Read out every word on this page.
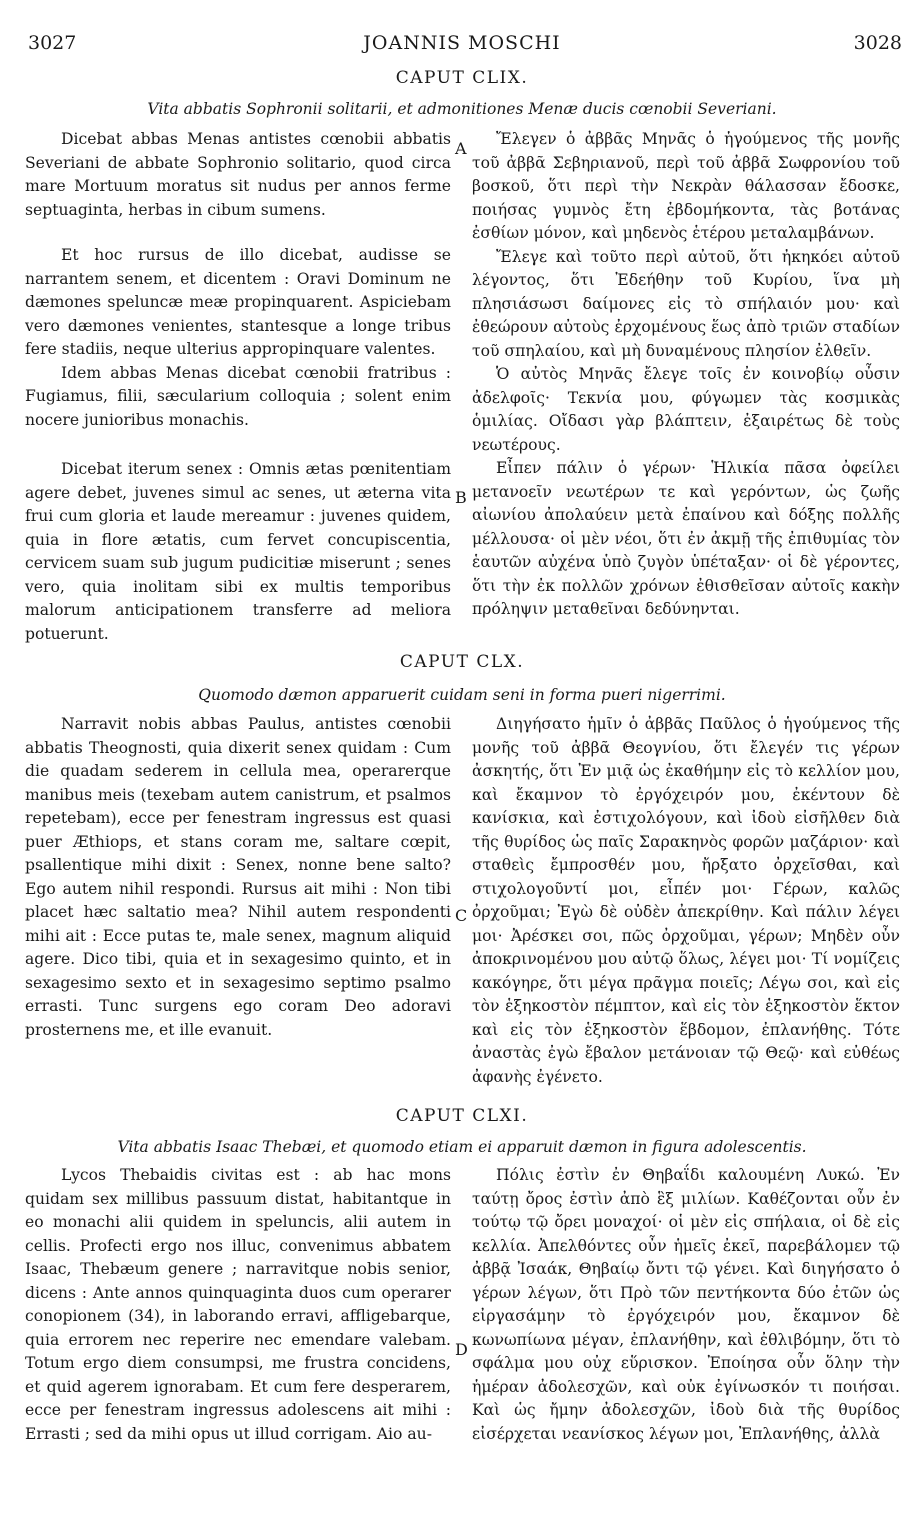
3027	JOANNIS MOSCHI	3028
CAPUT CLIX.
Vita abbatis Sophronii solitarii, et admonitiones Menæ ducis cœnobii Severiani.

Dicebat abbas Menas antistes cœnobii abbatis Severiani de abbate Sophronio solitario, quod circa mare Mortuum moratus sit nudus per annos ferme septuaginta, herbas in cibum sumens.

Et hoc rursus de illo dicebat, audisse se narrantem senem, et dicentem : Oravi Dominum ne dæmones speluncæ meæ propinquarent. Aspiciebam vero dæmones venientes, stantesque a longe tribus fere stadiis, neque ulterius appropinquare valentes.

Idem abbas Menas dicebat cœnobii fratribus : Fugiamus, filii, sæcularium colloquia ; solent enim nocere junioribus monachis.

Dicebat iterum senex : Omnis ætas pœnitentiam agere debet, juvenes simul ac senes, ut æterna vita frui cum gloria et laude mereamur : juvenes quidem, quia in flore ætatis, cum fervet concupiscentia, cervicem suam sub jugum pudicitiæ miserunt ; senes vero, quia inolitam sibi ex multis temporibus malorum anticipationem transferre ad meliora potuerunt.

Ἔλεγεν ὁ ἀββᾶς Μηνᾶς ὁ ἡγούμενος τῆς μονῆς τοῦ ἀββᾶ Σεβηριανοῦ, περὶ τοῦ ἀββᾶ Σωφρονίου τοῦ βοσκοῦ, ὅτι περὶ τὴν Νεκρὰν θάλασσαν ἔδοσκε, ποιήσας γυμνὸς ἔτη ἑβδομήκοντα, τὰς βοτάνας ἐσθίων μόνον, καὶ μηδενὸς ἑτέρου μεταλαμβάνων.

Ἔλεγε καὶ τοῦτο περὶ αὐτοῦ, ὅτι ἠκηκόει αὐτοῦ λέγοντος, ὅτι Ἐδεήθην τοῦ Κυρίου, ἵνα μὴ πλησιάσωσι δαίμονες εἰς τὸ σπήλαιόν μου· καὶ ἐθεώρουν αὐτοὺς ἐρχομένους ἕως ἀπὸ τριῶν σταδίων τοῦ σπηλαίου, καὶ μὴ δυναμένους πλησίον ἐλθεῖν.

Ὁ αὐτὸς Μηνᾶς ἔλεγε τοῖς ἐν κοινοβίῳ οὖσιν ἀδελφοῖς· Τεκνία μου, φύγωμεν τὰς κοσμικὰς ὁμιλίας. Οἴδασι γὰρ βλάπτειν, ἐξαιρέτως δὲ τοὺς νεωτέρους.

Εἶπεν πάλιν ὁ γέρων· Ἡλικία πᾶσα ὀφείλει μετανοεῖν νεωτέρων τε καὶ γερόντων, ὡς ζωῆς αἰωνίου ἀπολαύειν μετὰ ἐπαίνου καὶ δόξης πολλῆς μέλλουσα· οἱ μὲν νέοι, ὅτι ἐν ἀκμῇ τῆς ἐπιθυμίας τὸν ἑαυτῶν αὐχένα ὑπὸ ζυγὸν ὑπέταξαν· οἱ δὲ γέροντες, ὅτι τὴν ἐκ πολλῶν χρόνων ἐθισθεῖσαν αὐτοῖς κακὴν πρόληψιν μεταθεῖναι δεδύνηνται.

CAPUT CLX.
Quomodo dæmon apparuerit cuidam seni in forma pueri nigerrimi.

Narravit nobis abbas Paulus, antistes cœnobii abbatis Theognosti, quia dixerit senex quidam : Cum die quadam sederem in cellula mea, operarerque manibus meis (texebam autem canistrum, et psalmos repetebam), ecce per fenestram ingressus est quasi puer Æthiops, et stans coram me, saltare cœpit, psallentique mihi dixit : Senex, nonne bene salto? Ego autem nihil respondi. Rursus ait mihi : Non tibi placet hæc saltatio mea? Nihil autem respondenti mihi ait : Ecce putas te, male senex, magnum aliquid agere. Dico tibi, quia et in sexagesimo quinto, et in sexagesimo sexto et in sexagesimo septimo psalmo errasti. Tunc surgens ego coram Deo adoravi prosternens me, et ille evanuit.

Διηγήσατο ἡμῖν ὁ ἀββᾶς Παῦλος ὁ ἡγούμενος τῆς μονῆς τοῦ ἀββᾶ Θεογνίου, ὅτι ἔλεγέν τις γέρων ἀσκητής, ὅτι Ἐν μιᾷ ὡς ἐκαθήμην εἰς τὸ κελλίον μου, καὶ ἔκαμνον τὸ ἐργόχειρόν μου, ἐκέντουν δὲ κανίσκια, καὶ ἐστιχολόγουν, καὶ ἰδοὺ εἰσῆλθεν διὰ τῆς θυρίδος ὡς παῖς Σαρακηνὸς φορῶν μαζάριον· καὶ σταθεὶς ἔμπροσθέν μου, ἤρξατο ὀρχεῖσθαι, καὶ στιχολογοῦντί μοι, εἶπέν μοι· Γέρων, καλῶς ὀρχοῦμαι; Ἐγὼ δὲ οὐδὲν ἀπεκρίθην. Καὶ πάλιν λέγει μοι· Ἀρέσκει σοι, πῶς ὀρχοῦμαι, γέρων; Μηδὲν οὖν ἀποκρινομένου μου αὐτῷ ὅλως, λέγει μοι· Τί νομίζεις κακόγηρε, ὅτι μέγα πρᾶγμα ποιεῖς; Λέγω σοι, καὶ εἰς τὸν ἑξηκοστὸν πέμπτον, καὶ εἰς τὸν ἑξηκοστὸν ἕκτον καὶ εἰς τὸν ἑξηκοστὸν ἕβδομον, ἐπλανήθης. Τότε ἀναστὰς ἐγὼ ἔβαλον μετάνοιαν τῷ Θεῷ· καὶ εὐθέως ἀφανὴς ἐγένετο.

CAPUT CLXI.
Vita abbatis Isaac Thebæi, et quomodo etiam ei apparuit dæmon in figura adolescentis.

Lycos Thebaidis civitas est : ab hac mons quidam sex millibus passuum distat, habitantque in eo monachi alii quidem in speluncis, alii autem in cellis. Profecti ergo nos illuc, convenimus abbatem Isaac, Thebæum genere ; narravitque nobis senior, dicens : Ante annos quinquaginta duos cum operarer conopionem (34), in laborando erravi, affligebarque, quia errorem nec reperire nec emendare valebam. Totum ergo diem consumpsi, me frustra concidens, et quid agerem ignorabam. Et cum fere desperarem, ecce per fenestram ingressus adolescens ait mihi : Errasti ; sed da mihi opus ut illud corrigam. Aio au-

Πόλις ἐστὶν ἐν Θηβαΐδι καλουμένη Λυκώ. Ἐν ταύτῃ ὄρος ἐστὶν ἀπὸ ἓξ μιλίων. Καθέζονται οὖν ἐν τούτῳ τῷ ὄρει μοναχοί· οἱ μὲν εἰς σπήλαια, οἱ δὲ εἰς κελλία. Ἀπελθόντες οὖν ἡμεῖς ἐκεῖ, παρεβάλομεν τῷ ἀββᾷ Ἰσαάκ, Θηβαίῳ ὄντι τῷ γένει. Καὶ διηγήσατο ὁ γέρων λέγων, ὅτι Πρὸ τῶν πεντήκοντα δύο ἐτῶν ὡς εἰργασάμην τὸ ἐργόχειρόν μου, ἔκαμνον δὲ κωνωπίωνα μέγαν, ἐπλανήθην, καὶ ἐθλιβόμην, ὅτι τὸ σφάλμα μου οὐχ εὕρισκον. Ἐποίησα οὖν ὅλην τὴν ἡμέραν ἀδολεσχῶν, καὶ οὐκ ἐγίνωσκόν τι ποιήσαι. Καὶ ὡς ἤμην ἀδολεσχῶν, ἰδοὺ διὰ τῆς θυρίδος εἰσέρχεται νεανίσκος λέγων μοι, Ἐπλανήθης, ἀλλὰ

A
B
C
D
